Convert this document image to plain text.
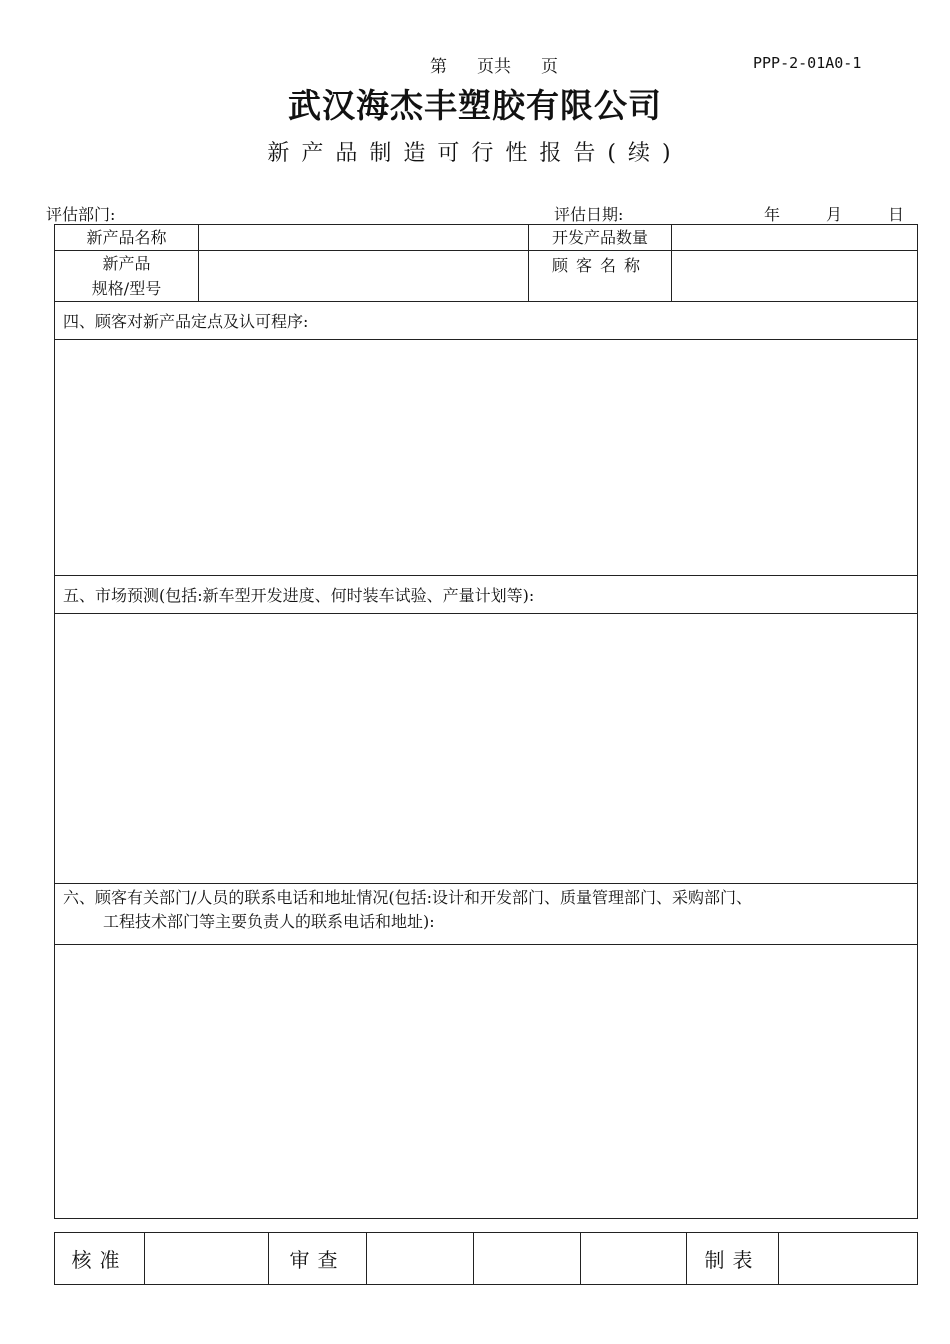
第 页共 页	PPP-2-01A0-1
武汉海杰丰塑胶有限公司
新产品制造可行性报告(续)
评估部门:	评估日期:	年	月	日
新产品名称		开发产品数量	

新产品
规格/型号		顾客名称	
四、顾客对新产品定点及认可程序:			

五、市场预测(包括:新车型开发进度、何时装车试验、产量计划等):			

六、顾客有关部门/人员的联系电话和地址情况(包括:设计和开发部门、质量管理部门、采购部门、
工程技术部门等主要负责人的联系电话和地址):			

核准		审查				制表	
